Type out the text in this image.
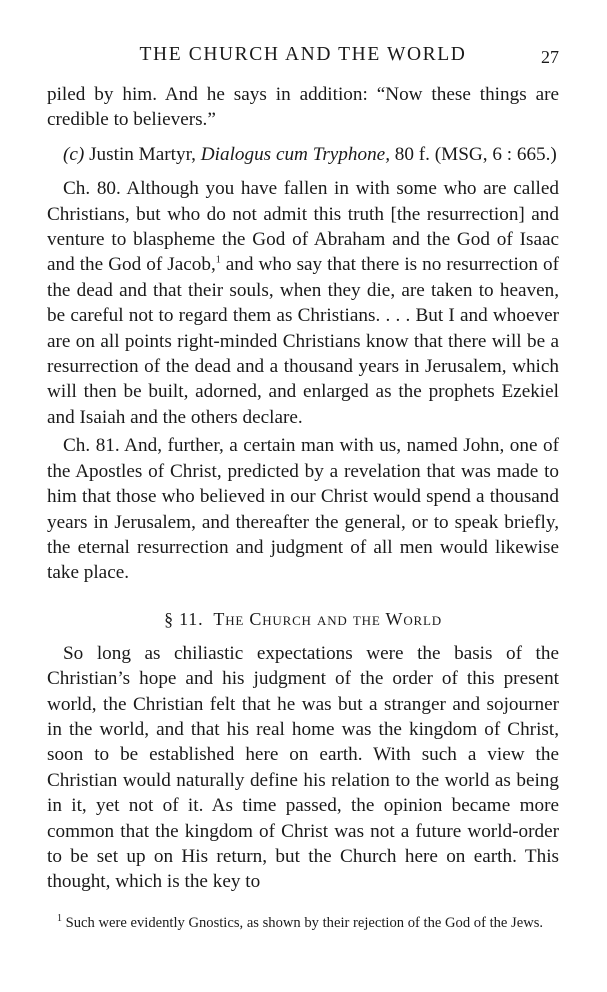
THE CHURCH AND THE WORLD	27

piled by him. And he says in addition: “Now these things are credible to believers.”

(c) Justin Martyr, Dialogus cum Tryphone, 80 f. (MSG, 6 : 665.)

Ch. 80. Although you have fallen in with some who are called Christians, but who do not admit this truth [the resurrection] and venture to blaspheme the God of Abraham and the God of Isaac and the God of Jacob,$^1$ and who say that there is no resurrection of the dead and that their souls, when they die, are taken to heaven, be careful not to regard them as Christians. . . . But I and whoever are on all points right-minded Christians know that there will be a resurrection of the dead and a thousand years in Jerusalem, which will then be built, adorned, and enlarged as the prophets Ezekiel and Isaiah and the others declare.

Ch. 81. And, further, a certain man with us, named John, one of the Apostles of Christ, predicted by a revelation that was made to him that those who believed in our Christ would spend a thousand years in Jerusalem, and thereafter the general, or to speak briefly, the eternal resurrection and judgment of all men would likewise take place.

§ 11. The Church and the World

So long as chiliastic expectations were the basis of the Christian’s hope and his judgment of the order of this present world, the Christian felt that he was but a stranger and sojourner in the world, and that his real home was the kingdom of Christ, soon to be established here on earth. With such a view the Christian would naturally define his relation to the world as being in it, yet not of it. As time passed, the opinion became more common that the kingdom of Christ was not a future world-order to be set up on His return, but the Church here on earth. This thought, which is the key to

$^1$ Such were evidently Gnostics, as shown by their rejection of the God of the Jews.
